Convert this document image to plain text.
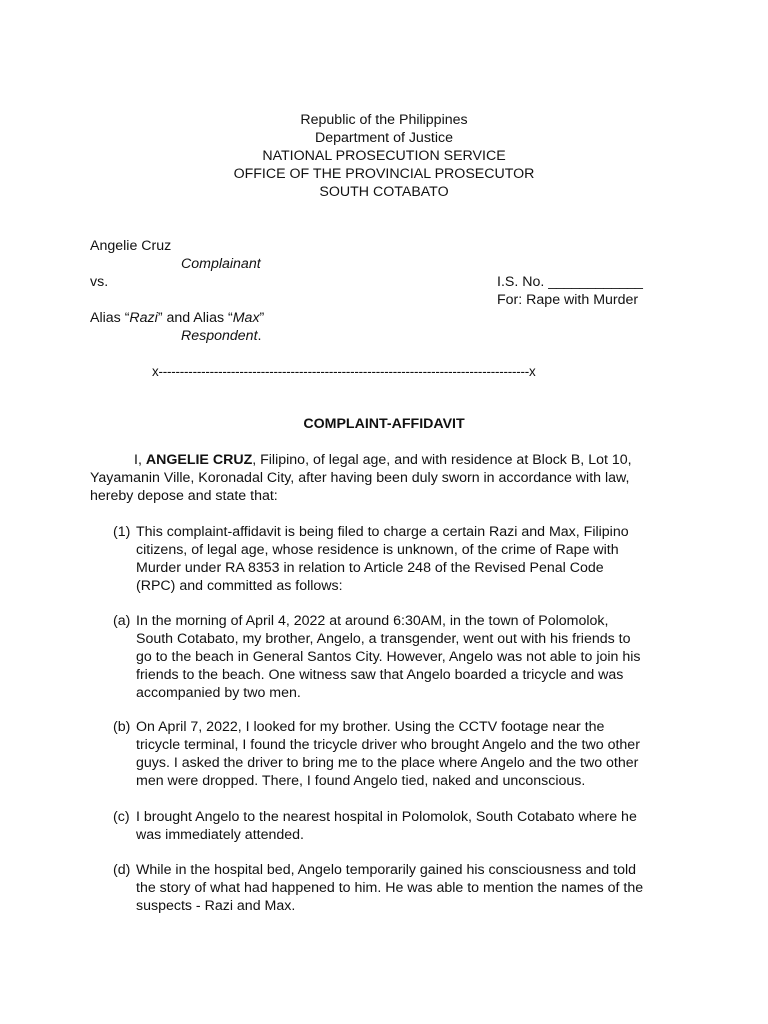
Republic of the Philippines
Department of Justice
NATIONAL PROSECUTION SERVICE
OFFICE OF THE PROVINCIAL PROSECUTOR
SOUTH COTABATO
Angelie Cruz
Complainant
vs.	I.S. No. ____________
For: Rape with Murder
Alias “Razi” and Alias “Max”
Respondent.
x---------------------------------------------------------------------------------------x
COMPLAINT-AFFIDAVIT
I, ANGELIE CRUZ, Filipino, of legal age, and with residence at Block B, Lot 10,
Yayamanin Ville, Koronadal City, after having been duly sworn in accordance with law,
hereby depose and state that:
(1) This complaint-affidavit is being filed to charge a certain Razi and Max, Filipino
citizens, of legal age, whose residence is unknown, of the crime of Rape with
Murder under RA 8353 in relation to Article 248 of the Revised Penal Code
(RPC) and committed as follows:
(a) In the morning of April 4, 2022 at around 6:30AM, in the town of Polomolok,
South Cotabato, my brother, Angelo, a transgender, went out with his friends to
go to the beach in General Santos City. However, Angelo was not able to join his
friends to the beach. One witness saw that Angelo boarded a tricycle and was
accompanied by two men.
(b) On April 7, 2022, I looked for my brother. Using the CCTV footage near the
tricycle terminal, I found the tricycle driver who brought Angelo and the two other
guys. I asked the driver to bring me to the place where Angelo and the two other
men were dropped. There, I found Angelo tied, naked and unconscious.
(c) I brought Angelo to the nearest hospital in Polomolok, South Cotabato where he
was immediately attended.
(d) While in the hospital bed, Angelo temporarily gained his consciousness and told
the story of what had happened to him. He was able to mention the names of the
suspects - Razi and Max.
